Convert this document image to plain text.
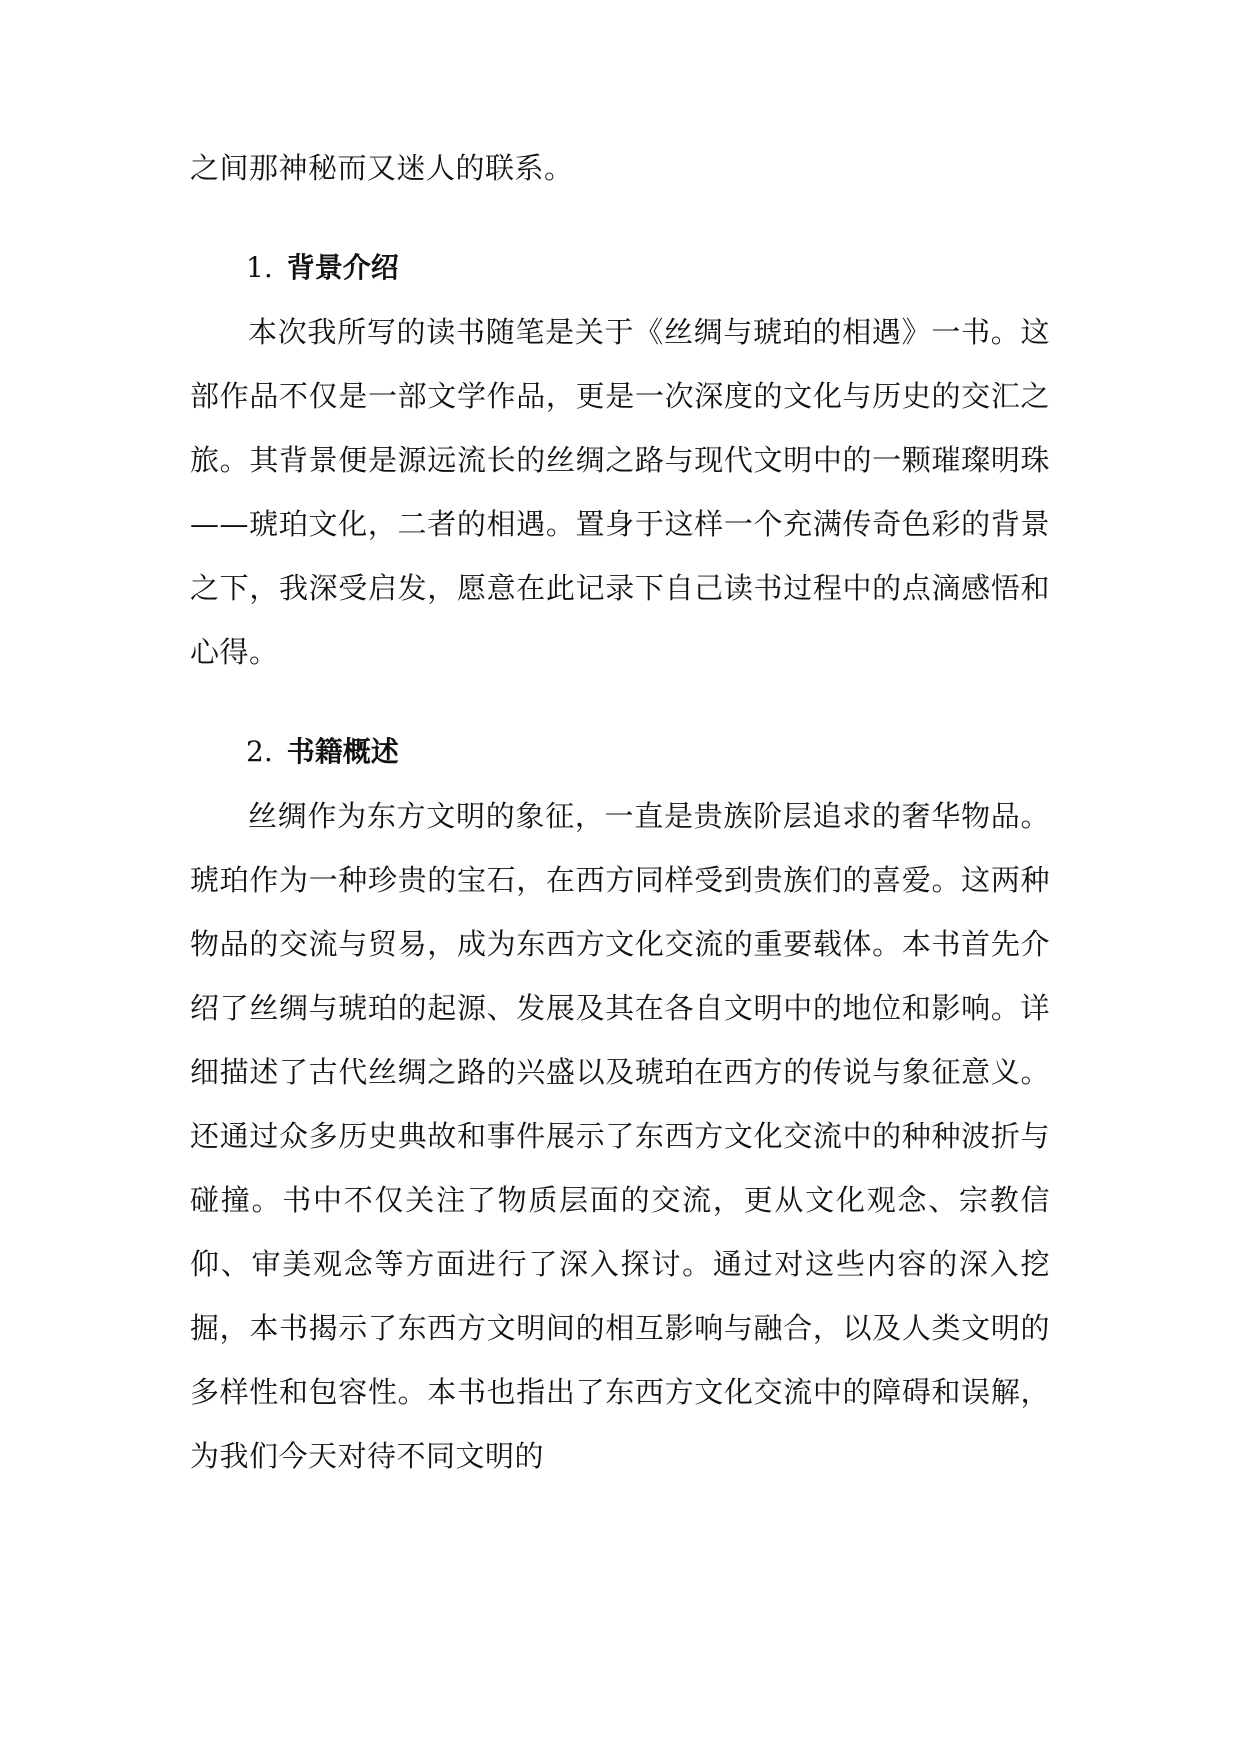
之间那神秘而又迷人的联系。

1. 背景介绍

本次我所写的读书随笔是关于《丝绸与琥珀的相遇》一书。这部作品不仅是一部文学作品，更是一次深度的文化与历史的交汇之旅。其背景便是源远流长的丝绸之路与现代文明中的一颗璀璨明珠——琥珀文化，二者的相遇。置身于这样一个充满传奇色彩的背景之下，我深受启发，愿意在此记录下自己读书过程中的点滴感悟和心得。

2. 书籍概述

丝绸作为东方文明的象征，一直是贵族阶层追求的奢华物品。琥珀作为一种珍贵的宝石，在西方同样受到贵族们的喜爱。这两种物品的交流与贸易，成为东西方文化交流的重要载体。本书首先介绍了丝绸与琥珀的起源、发展及其在各自文明中的地位和影响。详细描述了古代丝绸之路的兴盛以及琥珀在西方的传说与象征意义。还通过众多历史典故和事件展示了东西方文化交流中的种种波折与碰撞。书中不仅关注了物质层面的交流，更从文化观念、宗教信仰、审美观念等方面进行了深入探讨。通过对这些内容的深入挖掘，本书揭示了东西方文明间的相互影响与融合，以及人类文明的多样性和包容性。本书也指出了东西方文化交流中的障碍和误解，为我们今天对待不同文明的
